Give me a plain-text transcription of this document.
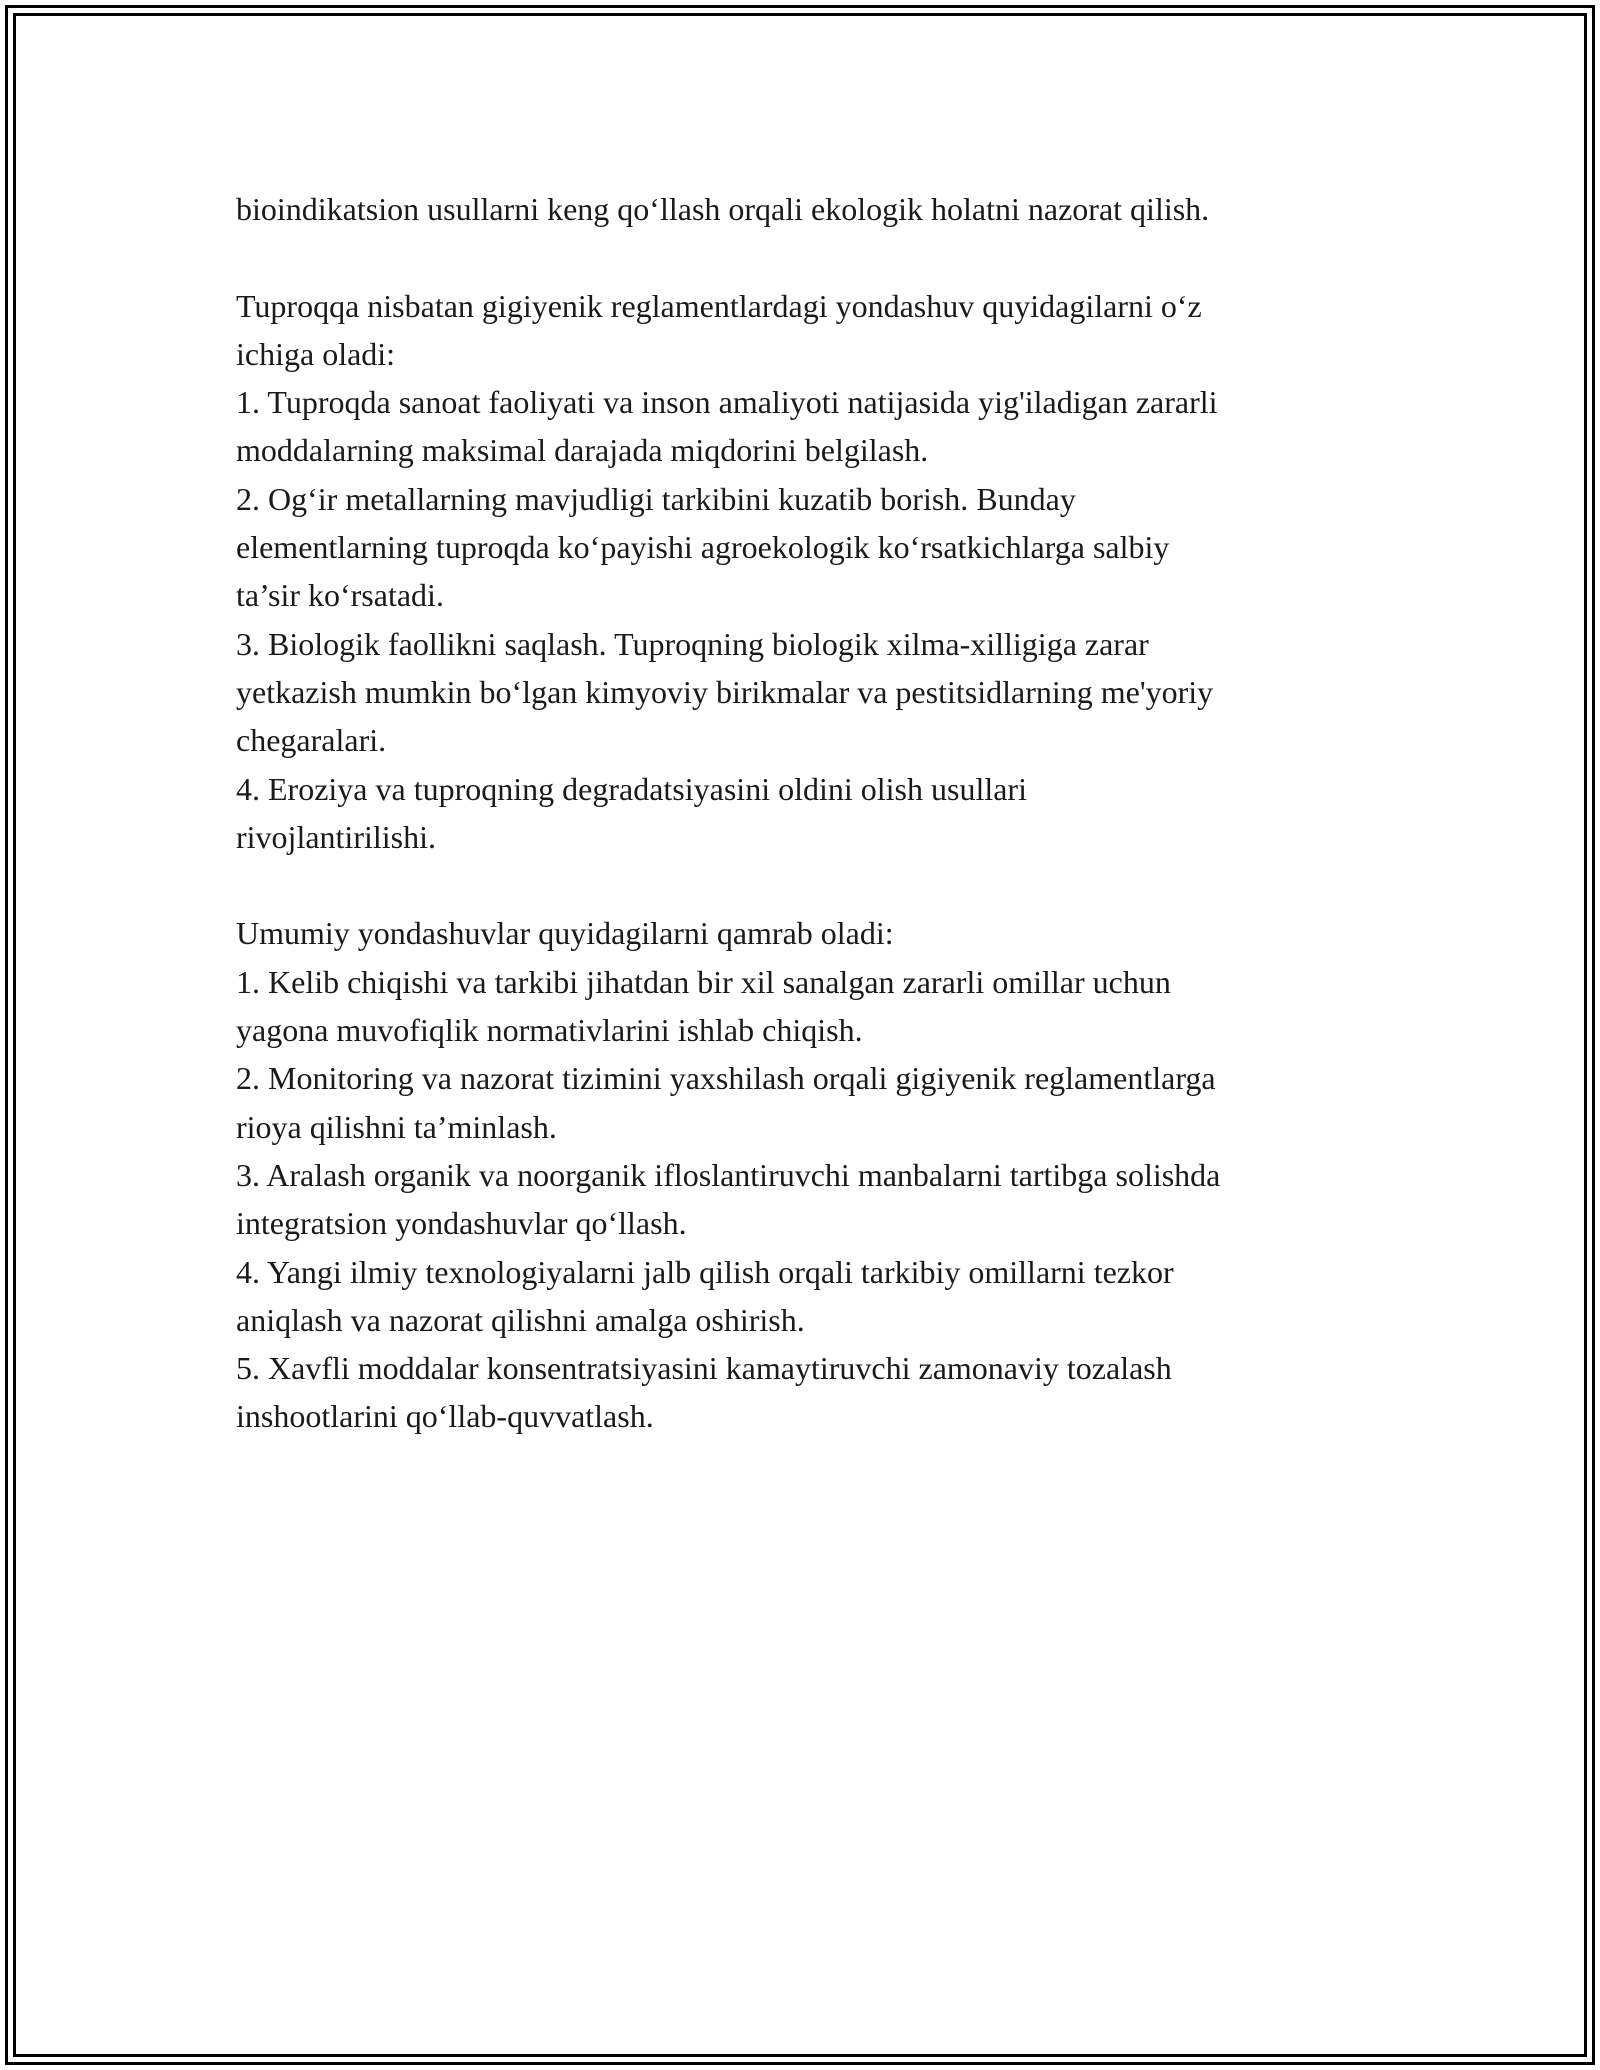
bioindikatsion usullarni keng qo‘llash orqali ekologik holatni nazorat qilish.
Tuproqqa nisbatan gigiyenik reglamentlardagi yondashuv quyidagilarni o‘z
ichiga oladi:
1. Tuproqda sanoat faoliyati va inson amaliyoti natijasida yig'iladigan zararli
moddalarning maksimal darajada miqdorini belgilash.
2. Og‘ir metallarning mavjudligi tarkibini kuzatib borish. Bunday
elementlarning tuproqda ko‘payishi agroekologik ko‘rsatkichlarga salbiy
ta’sir ko‘rsatadi.
3. Biologik faollikni saqlash. Tuproqning biologik xilma-xilligiga zarar
yetkazish mumkin bo‘lgan kimyoviy birikmalar va pestitsidlarning me'yoriy
chegaralari.
4. Eroziya va tuproqning degradatsiyasini oldini olish usullari
rivojlantirilishi.
Umumiy yondashuvlar quyidagilarni qamrab oladi:
1. Kelib chiqishi va tarkibi jihatdan bir xil sanalgan zararli omillar uchun
yagona muvofiqlik normativlarini ishlab chiqish.
2. Monitoring va nazorat tizimini yaxshilash orqali gigiyenik reglamentlarga
rioya qilishni ta’minlash.
3. Aralash organik va noorganik ifloslantiruvchi manbalarni tartibga solishda
integratsion yondashuvlar qo‘llash.
4. Yangi ilmiy texnologiyalarni jalb qilish orqali tarkibiy omillarni tezkor
aniqlash va nazorat qilishni amalga oshirish.
5. Xavfli moddalar konsentratsiyasini kamaytiruvchi zamonaviy tozalash
inshootlarini qo‘llab-quvvatlash.
